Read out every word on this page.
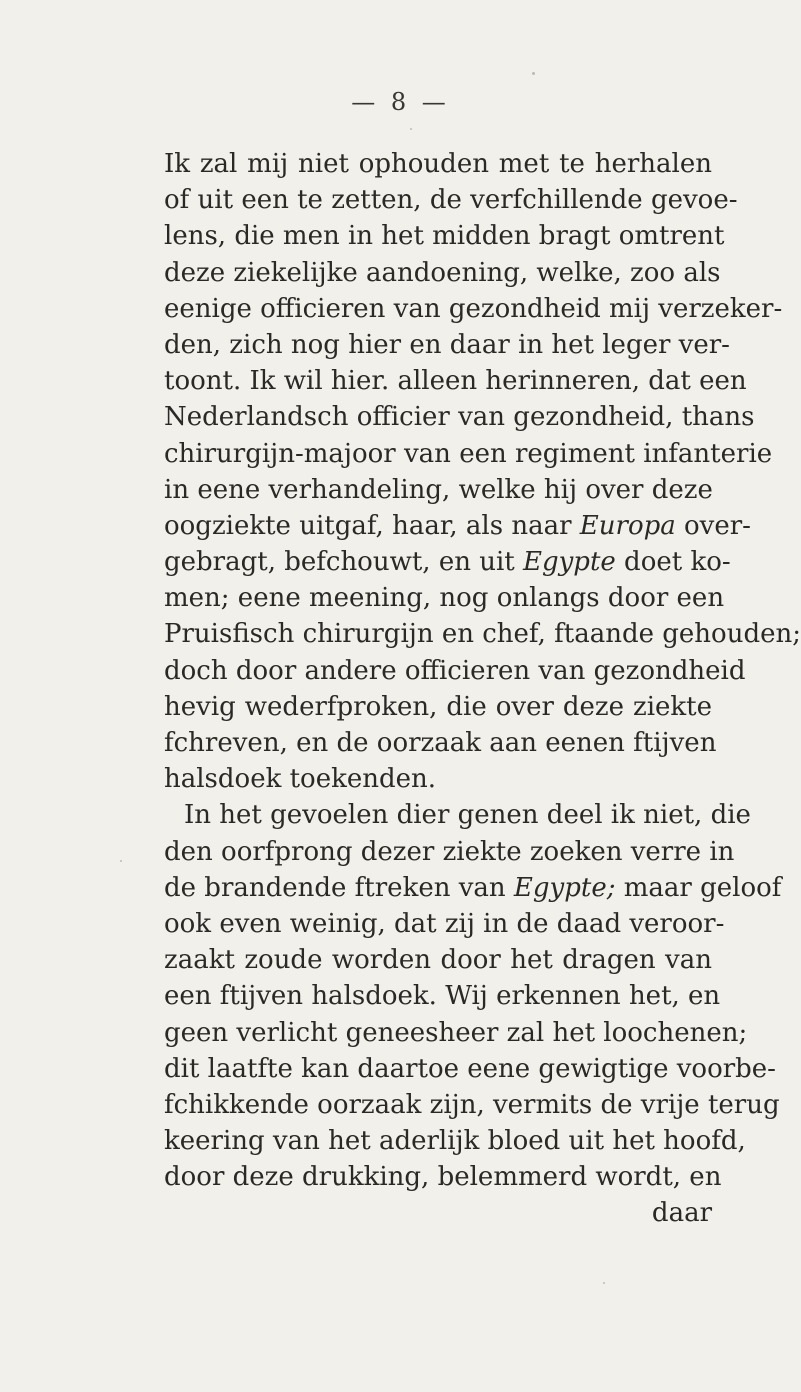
— 8 —
Ik zal mij niet ophouden met te herhalen
of uit een te zetten, de verfchillende gevoe-
lens, die men in het midden bragt omtrent
deze ziekelijke aandoening, welke, zoo als
eenige officieren van gezondheid mij verzeker-
den, zich nog hier en daar in het leger ver-
toont. Ik wil hier. alleen herinneren, dat een
Nederlandsch officier van gezondheid, thans
chirurgijn-majoor van een regiment infanterie
in eene verhandeling, welke hij over deze
oogziekte uitgaf, haar, als naar Europa over-
gebragt, befchouwt, en uit Egypte doet ko-
men; eene meening, nog onlangs door een
Pruisfisch chirurgijn en chef, ftaande gehouden;
doch door andere officieren van gezondheid
hevig wederfproken, die over deze ziekte
fchreven, en de oorzaak aan eenen ftijven
halsdoek toekenden.
In het gevoelen dier genen deel ik niet, die
den oorfprong dezer ziekte zoeken verre in
de brandende ftreken van Egypte; maar geloof
ook even weinig, dat zij in de daad veroor-
zaakt zoude worden door het dragen van
een ftijven halsdoek. Wij erkennen het, en
geen verlicht geneesheer zal het loochenen;
dit laatfte kan daartoe eene gewigtige voorbe-
fchikkende oorzaak zijn, vermits de vrije terug
keering van het aderlijk bloed uit het hoofd,
door deze drukking, belemmerd wordt, en
daar
